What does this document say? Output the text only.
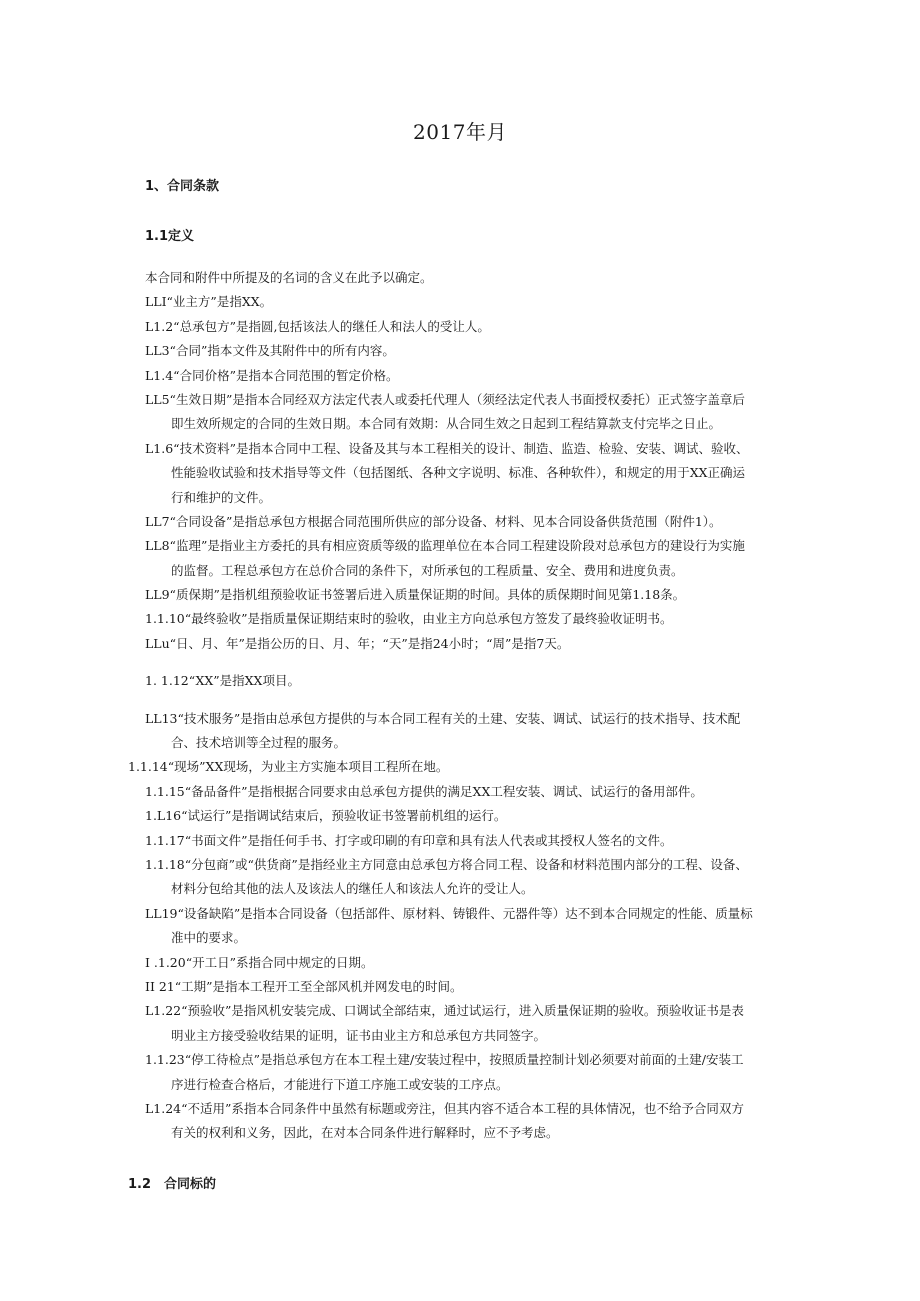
2017年月
1、合同条款
1.1定义
本合同和附件中所提及的名词的含义在此予以确定。
LLI“业主方”是指XX。
L1.2“总承包方”是指圆,包括该法人的继任人和法人的受让人。
LL3“合同”指本文件及其附件中的所有内容。
L1.4“合同价格”是指本合同范围的暂定价格。
LL5“生效日期”是指本合同经双方法定代表人或委托代理人（须经法定代表人书面授权委托）正式签字盖章后
即生效所规定的合同的生效日期。本合同有效期：从合同生效之日起到工程结算款支付完毕之日止。
L1.6“技术资料”是指本合同中工程、设备及其与本工程相关的设计、制造、监造、检验、安装、调试、验收、
性能验收试验和技术指导等文件（包括图纸、各种文字说明、标准、各种软件），和规定的用于XX正确运
行和维护的文件。
LL7“合同设备”是指总承包方根据合同范围所供应的部分设备、材料、见本合同设备供货范围（附件1）。
LL8“监理”是指业主方委托的具有相应资质等级的监理单位在本合同工程建设阶段对总承包方的建设行为实施
的监督。工程总承包方在总价合同的条件下，对所承包的工程质量、安全、费用和进度负责。
LL9“质保期”是指机组预验收证书签署后进入质量保证期的时间。具体的质保期时间见第1.18条。
1.1.10“最终验收”是指质量保证期结束时的验收，由业主方向总承包方签发了最终验收证明书。
LLu“日、月、年”是指公历的日、月、年；“天”是指24小时；“周”是指7天。
1. 1.12“XX”是指XX项目。
LL13“技术服务”是指由总承包方提供的与本合同工程有关的土建、安装、调试、试运行的技术指导、技术配
合、技术培训等全过程的服务。
1.1.14“现场”XX现场，为业主方实施本项目工程所在地。
1.1.15“备品备件”是指根据合同要求由总承包方提供的满足XX工程安装、调试、试运行的备用部件。
1.L16“试运行”是指调试结束后，预验收证书签署前机组的运行。
1.1.17“书面文件”是指任何手书、打字或印刷的有印章和具有法人代表或其授权人签名的文件。
1.1.18“分包商”或“供货商”是指经业主方同意由总承包方将合同工程、设备和材料范围内部分的工程、设备、
材料分包给其他的法人及该法人的继任人和该法人允许的受让人。
LL19“设备缺陷”是指本合同设备（包括部件、原材料、铸锻件、元器件等）达不到本合同规定的性能、质量标
准中的要求。
I .1.20“开工日”系指合同中规定的日期。
II 21“工期”是指本工程开工至全部风机并网发电的时间。
L1.22“预验收”是指风机安装完成、口调试全部结束，通过试运行，进入质量保证期的验收。预验收证书是表
明业主方接受验收结果的证明，证书由业主方和总承包方共同签字。
1.1.23“停工待检点”是指总承包方在本工程土建/安装过程中，按照质量控制计划必须要对前面的土建/安装工
序进行检查合格后，才能进行下道工序施工或安装的工序点。
L1.24“不适用”系指本合同条件中虽然有标题或旁注，但其内容不适合本工程的具体情况，也不给予合同双方
有关的权利和义务，因此，在对本合同条件进行解释时，应不予考虑。
1.2 合同标的
